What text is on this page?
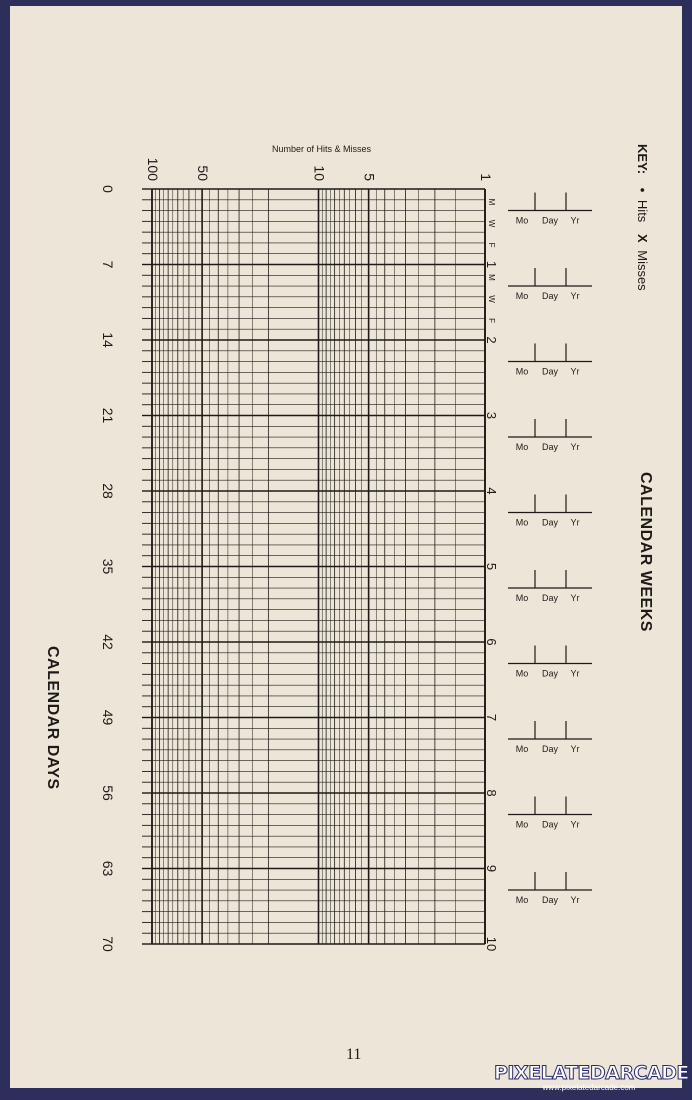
1
5
10
50
100
0
7
14
21
28
35
42
49
56
63
70
1
2
3
4
5
6
7
8
9
10
M
W
F
M
W
F
Mo Day Yr
Mo Day Yr
Mo Day Yr
Mo Day Yr
Mo Day Yr
Mo Day Yr
Mo Day Yr
Mo Day Yr
Mo Day Yr
Mo Day Yr
Number of Hits & Misses	KEY: • Hits X Misses
CALENDAR WEEKS
CALENDAR DAYS
11
PIXELATEDARCADE
www.pixelatedarcade.com
